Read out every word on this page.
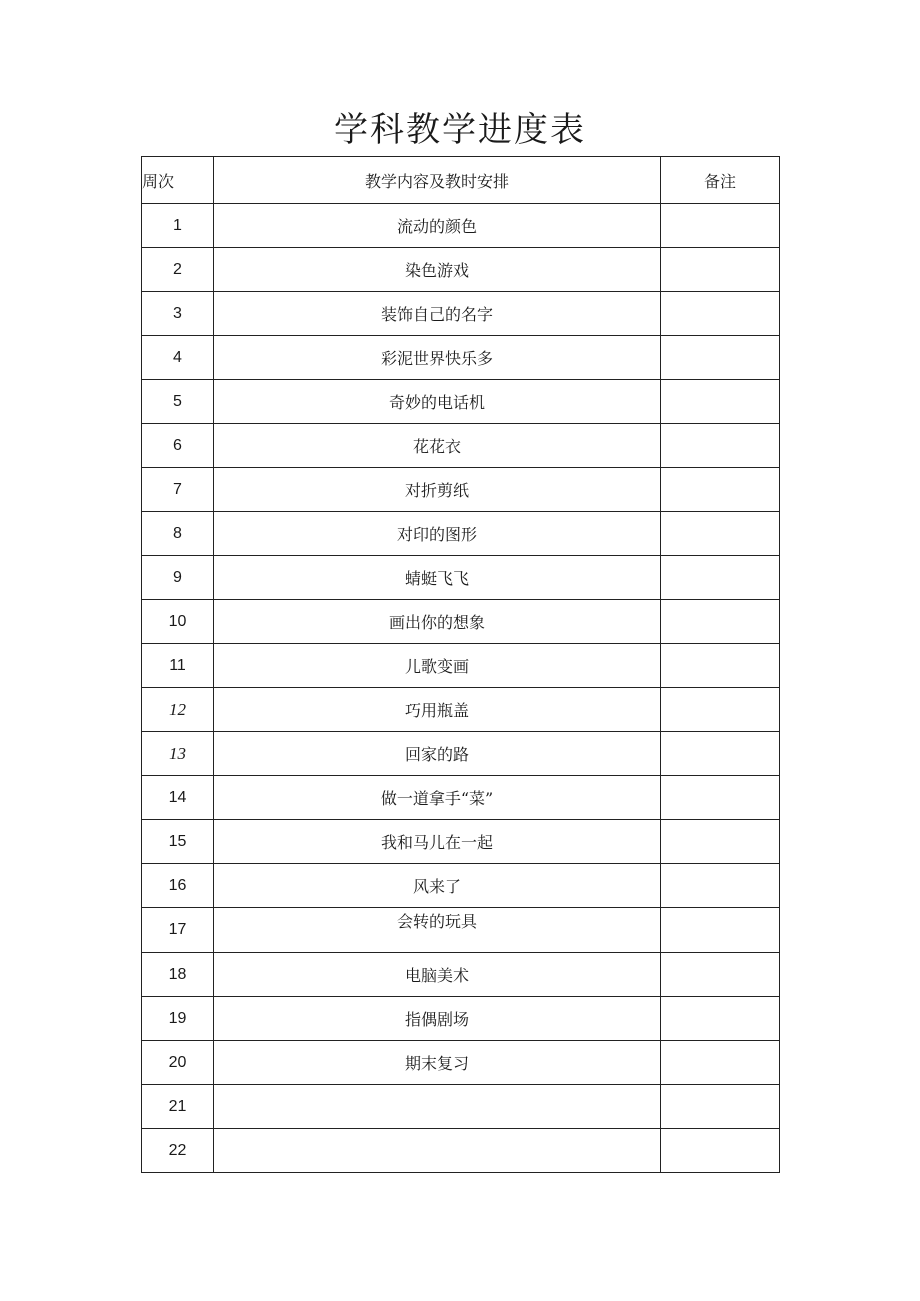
学科教学进度表
周次	教学内容及教时安排	备注
1	流动的颜色	
2	染色游戏	
3	装饰自己的名字	
4	彩泥世界快乐多	
5	奇妙的电话机	
6	花花衣	
7	对折剪纸	
8	对印的图形	
9	蜻蜓飞飞	
10	画出你的想象	
11	儿歌变画	
12	巧用瓶盖	
13	回家的路	
14	做一道拿手“菜”	
15	我和马儿在一起	
16	风来了	
17	会转的玩具	
18	电脑美术	
19	指偶剧场	
20	期末复习	
21		
22		
